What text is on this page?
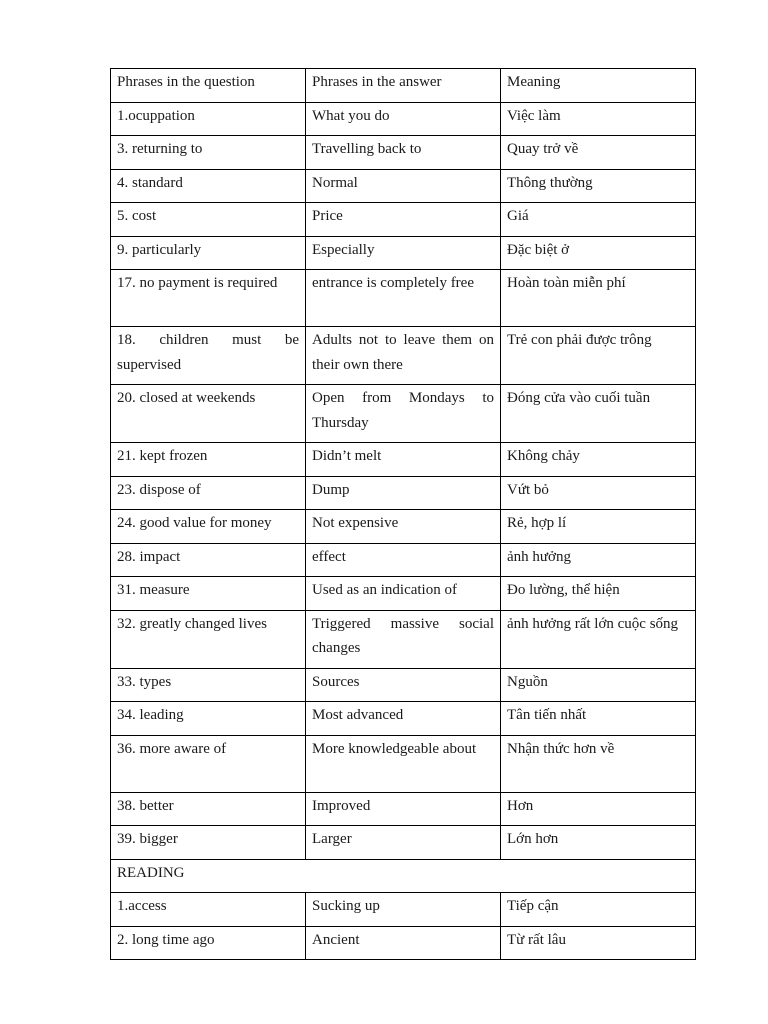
Phrases in the question	Phrases in the answer	Meaning
1.ocuppation	What you do	Việc làm
3. returning to	Travelling back to	Quay trở về
4. standard	Normal	Thông thường
5. cost	Price	Giá
9. particularly	Especially	Đặc biệt ở
17. no payment is required	entrance is completely free	Hoàn toàn miễn phí
18. children must be supervised	Adults not to leave them on their own there	Trẻ con phải được trông
20. closed at weekends	Open from Mondays to Thursday	Đóng cửa vào cuối tuần
21. kept frozen	Didn’t melt	Không chảy
23. dispose of	Dump	Vứt bỏ
24. good value for money	Not expensive	Rẻ, hợp lí
28. impact	effect	ảnh hưởng
31. measure	Used as an indication of	Đo lường, thể hiện
32. greatly changed lives	Triggered massive social changes	ảnh hưởng rất lớn cuộc sống
33. types	Sources	Nguồn
34. leading	Most advanced	Tân tiến nhất
36. more aware of	More knowledgeable about	Nhận thức hơn về
38. better	Improved	Hơn
39. bigger	Larger	Lớn hơn
READING		
1.access	Sucking up	Tiếp cận
2. long time ago	Ancient	Từ rất lâu
